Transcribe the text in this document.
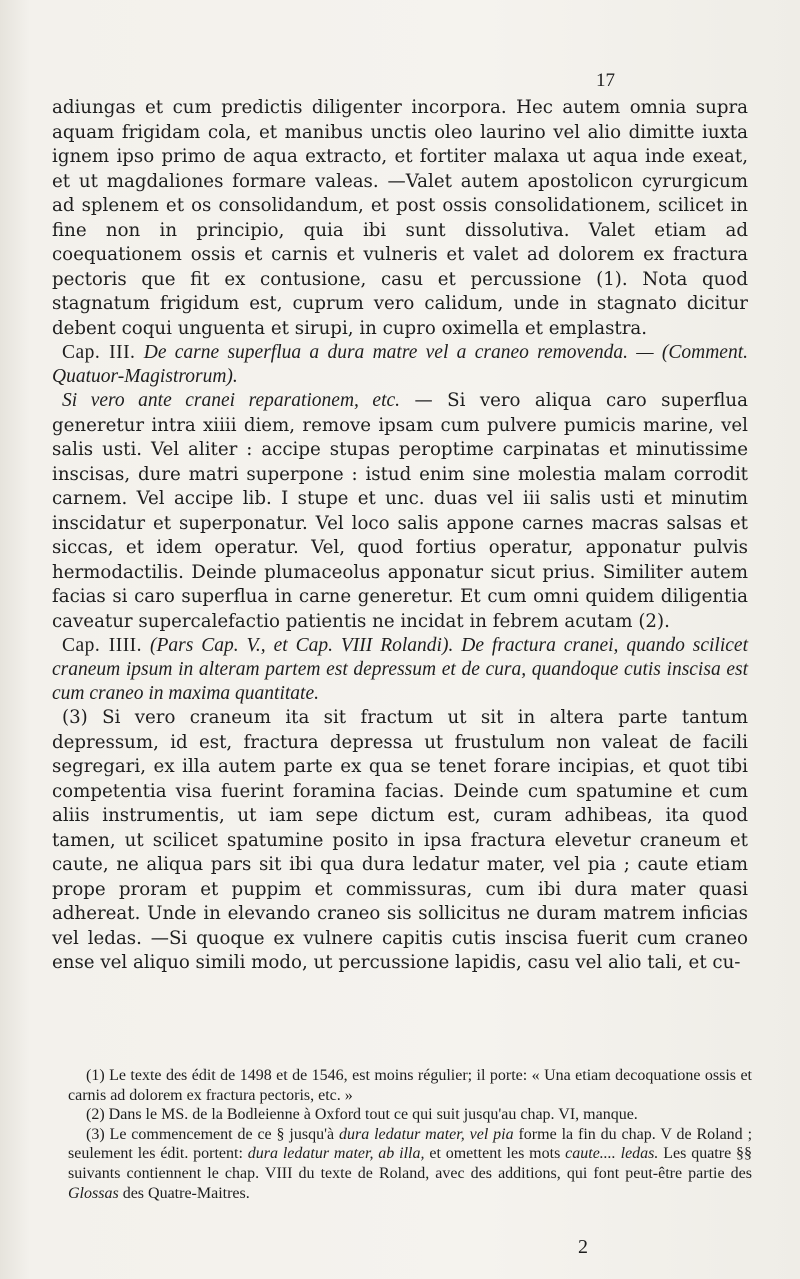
17

adiungas et cum predictis diligenter incorpora. Hec autem omnia supra aquam frigidam cola, et manibus unctis oleo laurino vel alio dimitte iuxta ignem ipso primo de aqua extracto, et fortiter malaxa ut aqua inde exeat, et ut magdaliones formare valeas. —Valet autem apostolicon cyrurgicum ad splenem et os consolidandum, et post ossis consolidationem, scilicet in fine non in principio, quia ibi sunt dissolutiva. Valet etiam ad coequationem ossis et carnis et vulneris et valet ad dolorem ex fractura pectoris que fit ex contusione, casu et percussione (1). Nota quod stagnatum frigidum est, cuprum vero calidum, unde in stagnato dicitur debent coqui unguenta et sirupi, in cupro oximella et emplastra.

Cap. III. De carne superflua a dura matre vel a craneo removenda. — (Comment. Quatuor-Magistrorum).

Si vero ante cranei reparationem, etc. — Si vero aliqua caro superflua generetur intra xiiii diem, remove ipsam cum pulvere pumicis marine, vel salis usti. Vel aliter : accipe stupas peroptime carpinatas et minutissime inscisas, dure matri superpone : istud enim sine molestia malam corrodit carnem. Vel accipe lib. I stupe et unc. duas vel iii salis usti et minutim inscidatur et superponatur. Vel loco salis appone carnes macras salsas et siccas, et idem operatur. Vel, quod fortius operatur, apponatur pulvis hermodactilis. Deinde plumaceolus apponatur sicut prius. Similiter autem facias si caro superflua in carne generetur. Et cum omni quidem diligentia caveatur supercalefactio patientis ne incidat in febrem acutam (2).

Cap. IIII. (Pars Cap. V., et Cap. VIII Rolandi). De fractura cranei, quando scilicet craneum ipsum in alteram partem est depressum et de cura, quandoque cutis inscisa est cum craneo in maxima quantitate.

(3) Si vero craneum ita sit fractum ut sit in altera parte tantum depressum, id est, fractura depressa ut frustulum non valeat de facili segregari, ex illa autem parte ex qua se tenet forare incipias, et quot tibi competentia visa fuerint foramina facias. Deinde cum spatumine et cum aliis instrumentis, ut iam sepe dictum est, curam adhibeas, ita quod tamen, ut scilicet spatumine posito in ipsa fractura elevetur craneum et caute, ne aliqua pars sit ibi qua dura ledatur mater, vel pia ; caute etiam prope proram et puppim et commissuras, cum ibi dura mater quasi adhereat. Unde in elevando craneo sis sollicitus ne duram matrem inficias vel ledas. —Si quoque ex vulnere capitis cutis inscisa fuerit cum craneo ense vel aliquo simili modo, ut percussione lapidis, casu vel alio tali, et cu-

(1) Le texte des édit de 1498 et de 1546, est moins régulier; il porte: « Una etiam decoquatione ossis et carnis ad dolorem ex fractura pectoris, etc. »

(2) Dans le MS. de la Bodleienne à Oxford tout ce qui suit jusqu'au chap. VI, manque.

(3) Le commencement de ce § jusqu'à dura ledatur mater, vel pia forme la fin du chap. V de Roland ; seulement les édit. portent: dura ledatur mater, ab illa, et omettent les mots caute.... ledas. Les quatre §§ suivants contiennent le chap. VIII du texte de Roland, avec des additions, qui font peut-être partie des Glossas des Quatre-Maitres.

2
